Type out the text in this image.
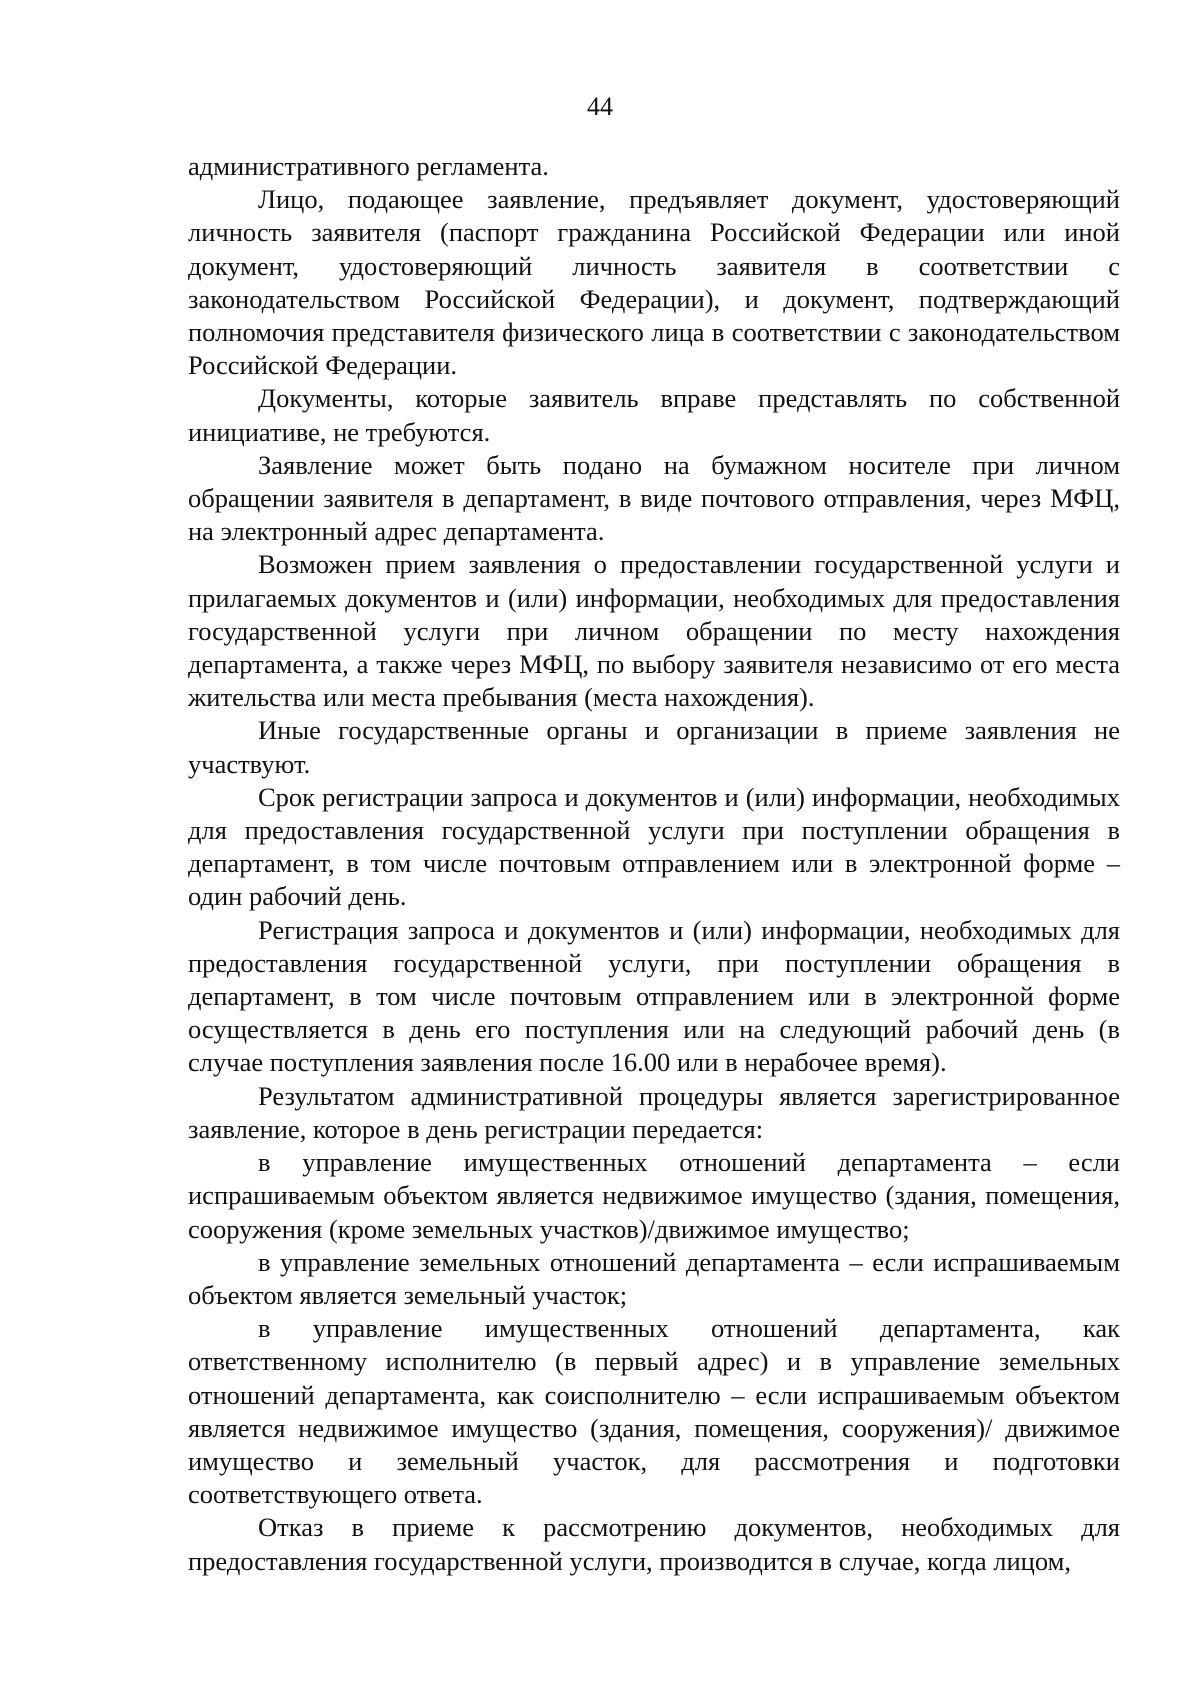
44

административного регламента.

Лицо, подающее заявление, предъявляет документ, удостоверяющий личность заявителя (паспорт гражданина Российской Федерации или иной документ, удостоверяющий личность заявителя в соответствии с законодательством Российской Федерации), и документ, подтверждающий полномочия представителя физического лица в соответствии с законодательством Российской Федерации.

Документы, которые заявитель вправе представлять по собственной инициативе, не требуются.

Заявление может быть подано на бумажном носителе при личном обращении заявителя в департамент, в виде почтового отправления, через МФЦ, на электронный адрес департамента.

Возможен прием заявления о предоставлении государственной услуги и прилагаемых документов и (или) информации, необходимых для предоставления государственной услуги при личном обращении по месту нахождения департамента, а также через МФЦ, по выбору заявителя независимо от его места жительства или места пребывания (места нахождения).

Иные государственные органы и организации в приеме заявления не участвуют.

Срок регистрации запроса и документов и (или) информации, необходимых для предоставления государственной услуги при поступлении обращения в департамент, в том числе почтовым отправлением или в электронной форме – один рабочий день.

Регистрация запроса и документов и (или) информации, необходимых для предоставления государственной услуги, при поступлении обращения в департамент, в том числе почтовым отправлением или в электронной форме осуществляется в день его поступления или на следующий рабочий день (в случае поступления заявления после 16.00 или в нерабочее время).

Результатом административной процедуры является зарегистрированное заявление, которое в день регистрации передается:

в управление имущественных отношений департамента – если испрашиваемым объектом является недвижимое имущество (здания, помещения, сооружения (кроме земельных участков)/движимое имущество;

в управление земельных отношений департамента – если испрашиваемым объектом является земельный участок;

в управление имущественных отношений департамента, как ответственному исполнителю (в первый адрес) и в управление земельных отношений департамента, как соисполнителю – если испрашиваемым объектом является недвижимое имущество (здания, помещения, сооружения)/ движимое имущество и земельный участок, для рассмотрения и подготовки соответствующего ответа.

Отказ в приеме к рассмотрению документов, необходимых для предоставления государственной услуги, производится в случае, когда лицом,
